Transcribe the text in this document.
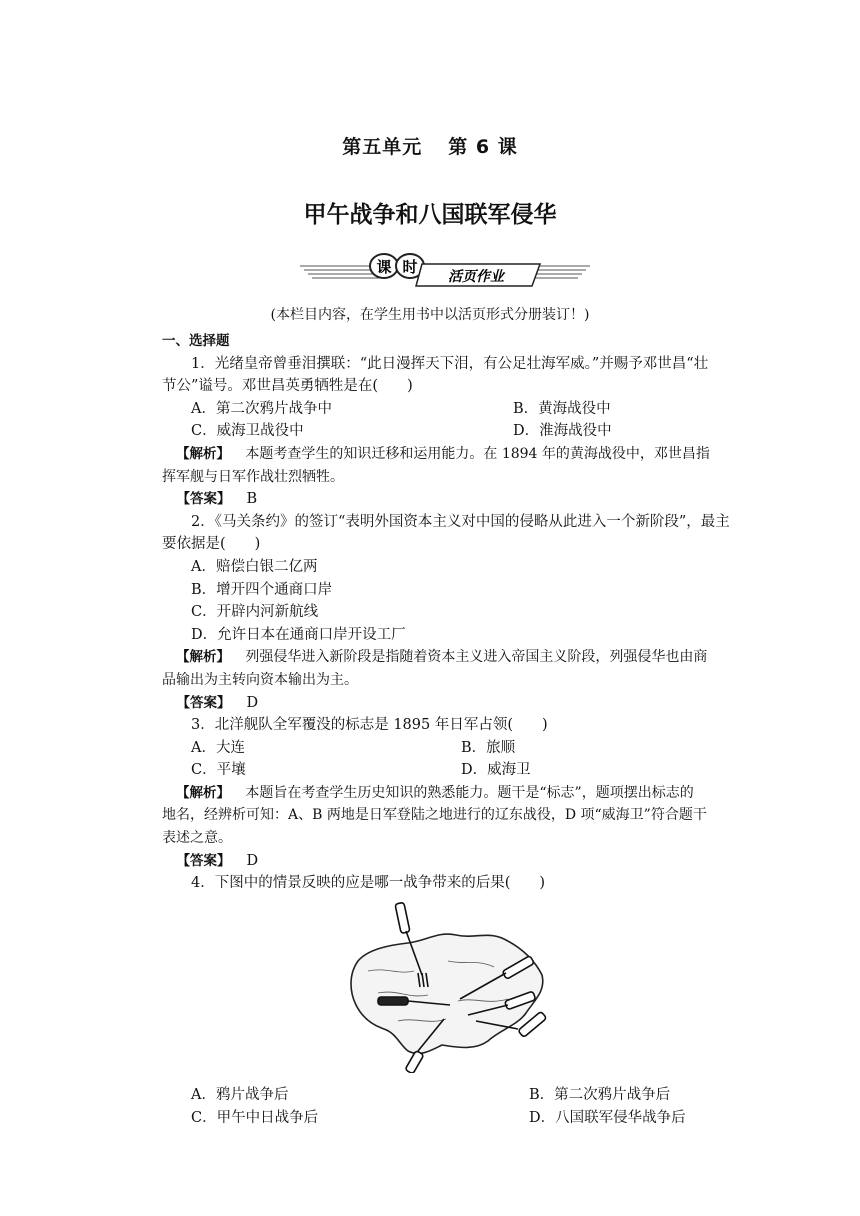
第五单元 第 6 课
甲午战争和八国联军侵华
课 时
活页作业
(本栏目内容，在学生用书中以活页形式分册装订！)

一、选择题

1．光绪皇帝曾垂泪撰联：“此日漫挥天下泪，有公足壮海军威。”并赐予邓世昌“壮

节公”谥号。邓世昌英勇牺牲是在(　　)

A．第二次鸦片战争中	B．黄海战役中
C．威海卫战役中	D．淮海战役中

【解析】 本题考查学生的知识迁移和运用能力。在 1894 年的黄海战役中，邓世昌指

挥军舰与日军作战壮烈牺牲。

【答案】 B

2．《马关条约》的签订“表明外国资本主义对中国的侵略从此进入一个新阶段”，最主

要依据是(　　)

A．赔偿白银二亿两

B．增开四个通商口岸

C．开辟内河新航线

D．允许日本在通商口岸开设工厂

【解析】 列强侵华进入新阶段是指随着资本主义进入帝国主义阶段，列强侵华也由商

品输出为主转向资本输出为主。

【答案】 D

3．北洋舰队全军覆没的标志是 1895 年日军占领(　　)

A．大连	B．旅顺
C．平壤	D．威海卫

【解析】 本题旨在考查学生历史知识的熟悉能力。题干是“标志”，题项摆出标志的

地名，经辨析可知：A、B 两地是日军登陆之地进行的辽东战役，D 项“威海卫”符合题干

表述之意。

【答案】 D

4．下图中的情景反映的应是哪一战争带来的后果(　　)

A．鸦片战争后	B．第二次鸦片战争后
C．甲午中日战争后	D．八国联军侵华战争后
